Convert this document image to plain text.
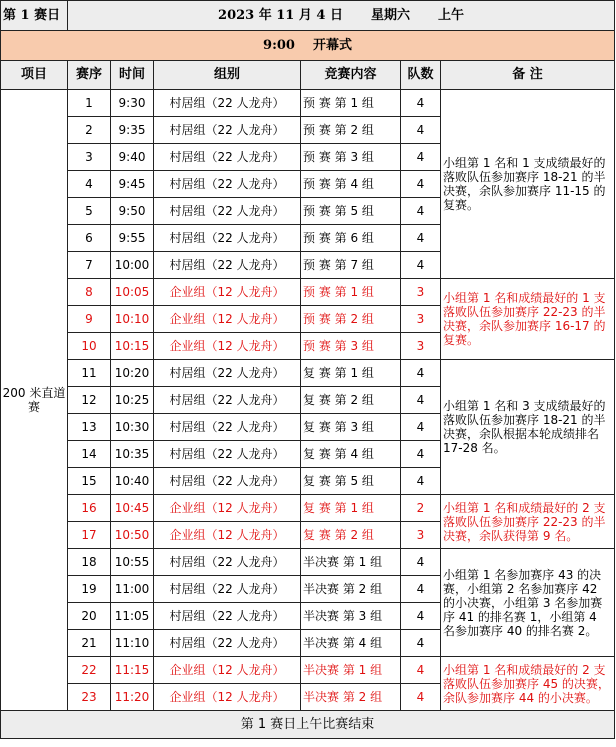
第 1 赛日	2023 年 11 月 4 日 星期六 上午					

9:00 开幕式						

项目	赛序	时间	组别	竞赛内容	队数	备 注
200 米直道赛	1	9:30	村居组（22 人龙舟）	预 赛 第 1 组	4	小组第 1 名和 1 支成绩最好的落败队伍参加赛序 18-21 的半决赛，余队参加赛序 11-15 的复赛。
	2	9:35	村居组（22 人龙舟）	预 赛 第 2 组	4	
	3	9:40	村居组（22 人龙舟）	预 赛 第 3 组	4	
	4	9:45	村居组（22 人龙舟）	预 赛 第 4 组	4	
	5	9:50	村居组（22 人龙舟）	预 赛 第 5 组	4	
	6	9:55	村居组（22 人龙舟）	预 赛 第 6 组	4	
	7	10:00	村居组（22 人龙舟）	预 赛 第 7 组	4	
	8	10:05	企业组（12 人龙舟）	预 赛 第 1 组	3	小组第 1 名和成绩最好的 1 支落败队伍参加赛序 22-23 的半决赛，余队参加赛序 16-17 的复赛。
	9	10:10	企业组（12 人龙舟）	预 赛 第 2 组	3	
	10	10:15	企业组（12 人龙舟）	预 赛 第 3 组	3	
	11	10:20	村居组（22 人龙舟）	复 赛 第 1 组	4	小组第 1 名和 3 支成绩最好的落败队伍参加赛序 18-21 的半决赛，余队根据本轮成绩排名 17-28 名。
	12	10:25	村居组（22 人龙舟）	复 赛 第 2 组	4	
	13	10:30	村居组（22 人龙舟）	复 赛 第 3 组	4	
	14	10:35	村居组（22 人龙舟）	复 赛 第 4 组	4	
	15	10:40	村居组（22 人龙舟）	复 赛 第 5 组	4	
	16	10:45	企业组（12 人龙舟）	复 赛 第 1 组	2	小组第 1 名和成绩最好的 2 支落败队伍参加赛序 22-23 的半决赛，余队获得第 9 名。
	17	10:50	企业组（12 人龙舟）	复 赛 第 2 组	3	
	18	10:55	村居组（22 人龙舟）	半决赛 第 1 组	4	小组第 1 名参加赛序 43 的决赛，小组第 2 名参加赛序 42 的小决赛，小组第 3 名参加赛序 41 的排名赛 1，小组第 4 名参加赛序 40 的排名赛 2。
	19	11:00	村居组（22 人龙舟）	半决赛 第 2 组	4	
	20	11:05	村居组（22 人龙舟）	半决赛 第 3 组	4	
	21	11:10	村居组（22 人龙舟）	半决赛 第 4 组	4	
	22	11:15	企业组（12 人龙舟）	半决赛 第 1 组	4	小组第 1 名和成绩最好的 2 支落败队伍参加赛序 45 的决赛，余队参加赛序 44 的小决赛。
	23	11:20	企业组（12 人龙舟）	半决赛 第 2 组	4	
第 1 赛日上午比赛结束						
